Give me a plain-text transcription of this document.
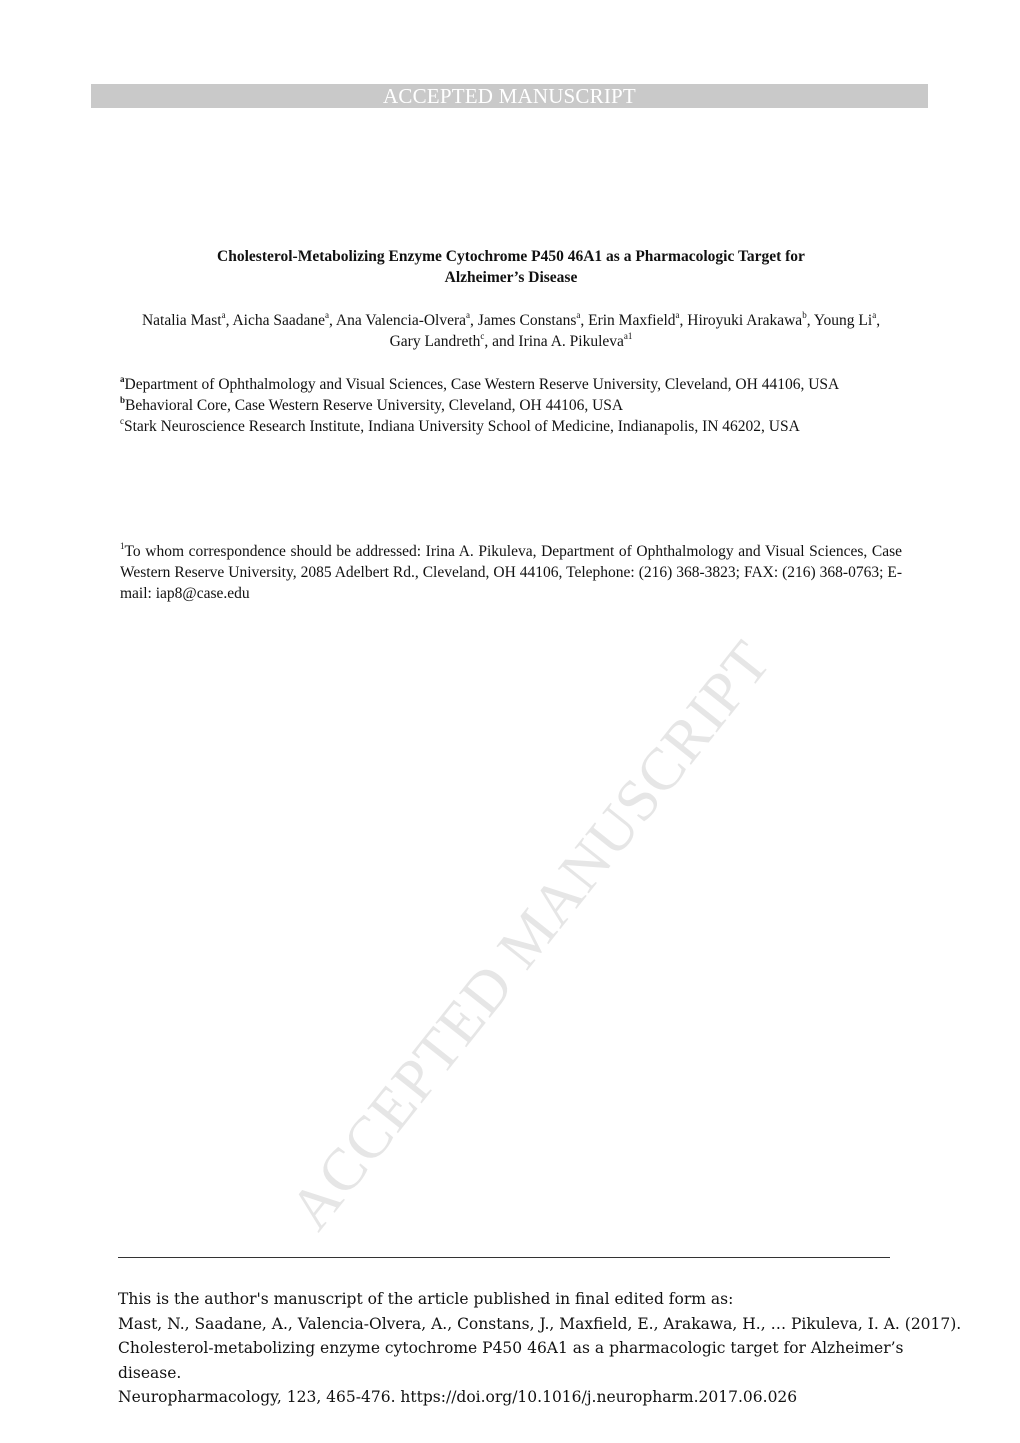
ACCEPTED MANUSCRIPT
ACCEPTED MANUSCRIPT
Cholesterol-Metabolizing Enzyme Cytochrome P450 46A1 as a Pharmacologic Target for
Alzheimer’s Disease
Natalia Mast$^a$, Aicha Saadane$^a$, Ana Valencia-Olvera$^a$, James Constans$^a$, Erin Maxfield$^a$, Hiroyuki Arakawa$^b$, Young Li$^a$, Gary Landreth$^c$, and Irina A. Pikuleva$^{a1}$
$^a$Department of Ophthalmology and Visual Sciences, Case Western Reserve University, Cleveland, OH 44106, USA
$^b$Behavioral Core, Case Western Reserve University, Cleveland, OH 44106, USA
$^c$Stark Neuroscience Research Institute, Indiana University School of Medicine, Indianapolis, IN 46202, USA
$^1$To whom correspondence should be addressed: Irina A. Pikuleva, Department of Ophthalmology and Visual Sciences, Case Western Reserve University, 2085 Adelbert Rd., Cleveland, OH 44106, Telephone: (216) 368-3823; FAX: (216) 368-0763; E-mail: iap8@case.edu
This is the author's manuscript of the article published in final edited form as:
Mast, N., Saadane, A., Valencia-Olvera, A., Constans, J., Maxfield, E., Arakawa, H., … Pikuleva, I. A. (2017).
Cholesterol-metabolizing enzyme cytochrome P450 46A1 as a pharmacologic target for Alzheimer’s disease.
Neuropharmacology, 123, 465-476. https://doi.org/10.1016/j.neuropharm.2017.06.026
